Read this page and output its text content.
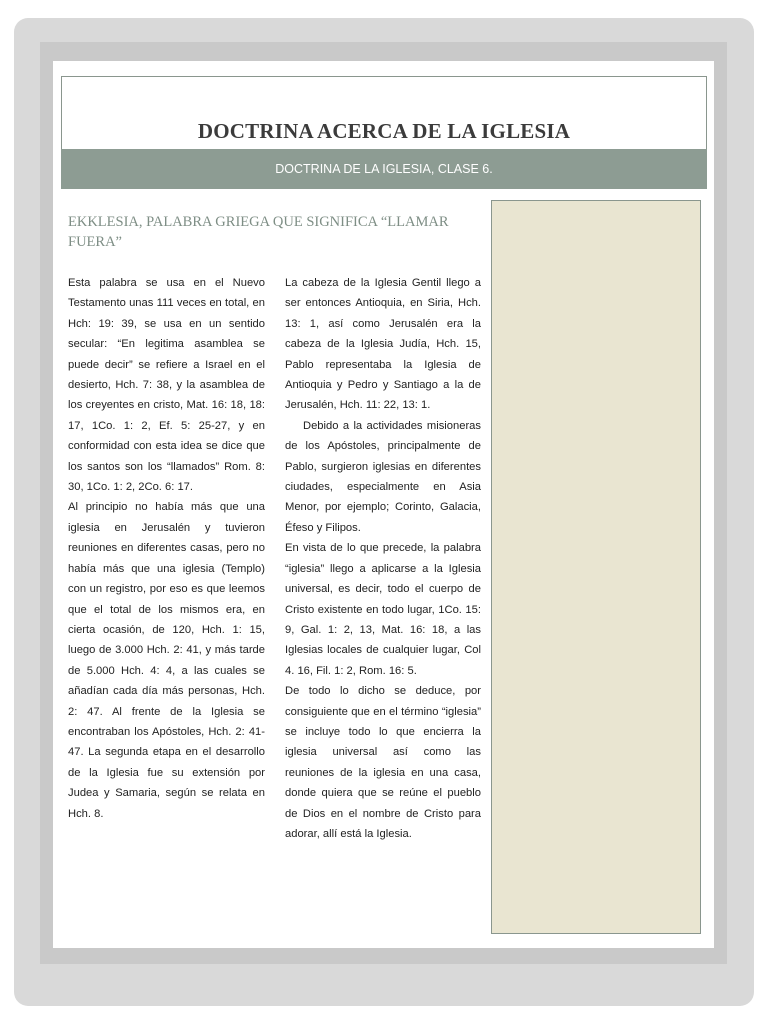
DOCTRINA ACERCA DE LA IGLESIA
DOCTRINA DE LA IGLESIA, CLASE 6.
EKKLESIA, PALABRA GRIEGA QUE SIGNIFICA “LLAMAR FUERA”

Esta palabra se usa en el Nuevo Testamento unas 111 veces en total, en Hch: 19: 39, se usa en un sentido secular: “En legitima asamblea se puede decir” se refiere a Israel en el desierto, Hch. 7: 38, y la asamblea de los creyentes en cristo, Mat. 16: 18, 18: 17, 1Co. 1: 2, Ef. 5: 25-27, y en conformidad con esta idea se dice que los santos son los “llamados” Rom. 8: 30, 1Co. 1: 2, 2Co. 6: 17.

Al principio no había más que una iglesia en Jerusalén y tuvieron reuniones en diferentes casas, pero no había más que una iglesia (Templo) con un registro, por eso es que leemos que el total de los mismos era, en cierta ocasión, de 120, Hch. 1: 15, luego de 3.000 Hch. 2: 41, y más tarde de 5.000 Hch. 4: 4, a las cuales se añadían cada día más personas, Hch. 2: 47. Al frente de la Iglesia se encontraban los Apóstoles, Hch. 2: 41-47. La segunda etapa en el desarrollo de la Iglesia fue su extensión por Judea y Samaria, según se relata en Hch. 8.

La cabeza de la Iglesia Gentil llego a ser entonces Antioquia, en Siria, Hch. 13: 1, así como Jerusalén era la cabeza de la Iglesia Judía, Hch. 15, Pablo representaba la Iglesia de Antioquia y Pedro y Santiago a la de Jerusalén, Hch. 11: 22, 13: 1.

Debido a la actividades misioneras de los Apóstoles, principalmente de Pablo, surgieron iglesias en diferentes ciudades, especialmente en Asia Menor, por ejemplo; Corinto, Galacia, Éfeso y Filipos.

En vista de lo que precede, la palabra “iglesia” llego a aplicarse a la Iglesia universal, es decir, todo el cuerpo de Cristo existente en todo lugar, 1Co. 15: 9, Gal. 1: 2, 13, Mat. 16: 18, a las Iglesias locales de cualquier lugar, Col 4. 16, Fil. 1: 2, Rom. 16: 5.

De todo lo dicho se deduce, por consiguiente que en el término “iglesia” se incluye todo lo que encierra la iglesia universal así como las reuniones de la iglesia en una casa, donde quiera que se reúne el pueblo de Dios en el nombre de Cristo para adorar, allí está la Iglesia.
